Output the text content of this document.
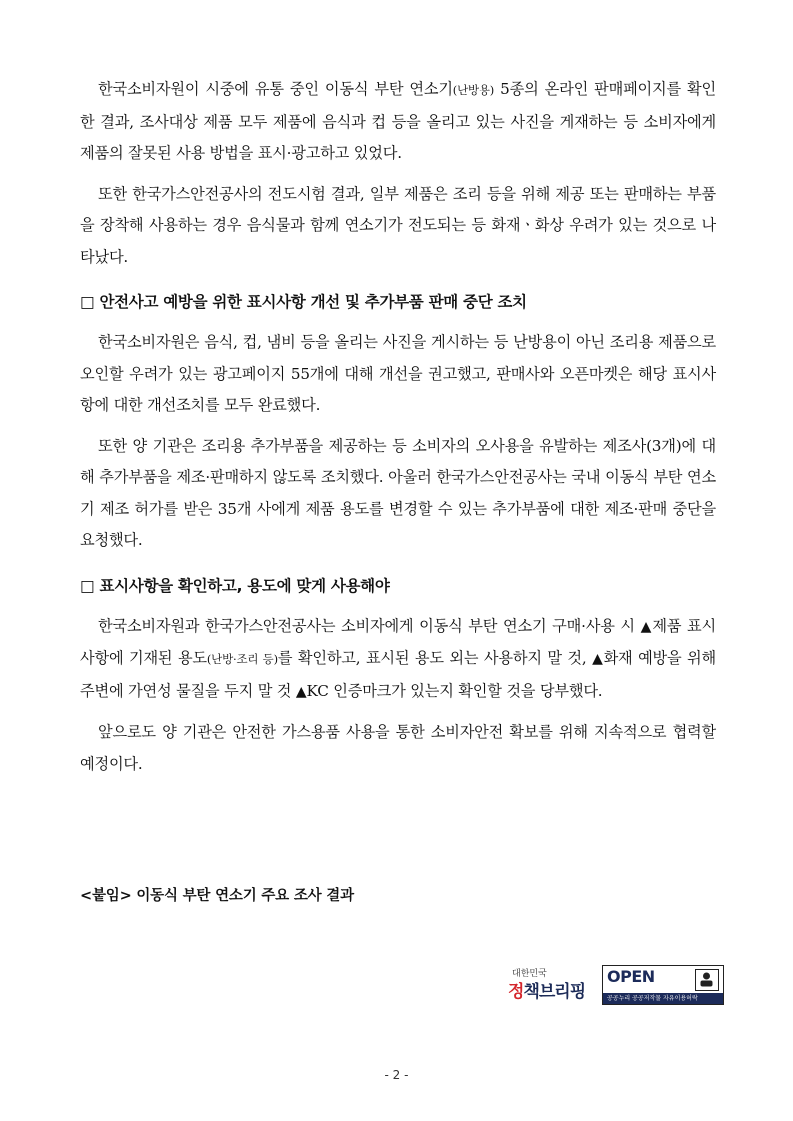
한국소비자원이 시중에 유통 중인 이동식 부탄 연소기(난방용) 5종의 온라인 판매페이지를 확인한 결과, 조사대상 제품 모두 제품에 음식과 컵 등을 올리고 있는 사진을 게재하는 등 소비자에게 제품의 잘못된 사용 방법을 표시·광고하고 있었다.

또한 한국가스안전공사의 전도시험 결과, 일부 제품은 조리 등을 위해 제공 또는 판매하는 부품을 장착해 사용하는 경우 음식물과 함께 연소기가 전도되는 등 화재ㆍ화상 우려가 있는 것으로 나타났다.

□ 안전사고 예방을 위한 표시사항 개선 및 추가부품 판매 중단 조치

한국소비자원은 음식, 컵, 냄비 등을 올리는 사진을 게시하는 등 난방용이 아닌 조리용 제품으로 오인할 우려가 있는 광고페이지 55개에 대해 개선을 권고했고, 판매사와 오픈마켓은 해당 표시사항에 대한 개선조치를 모두 완료했다.

또한 양 기관은 조리용 추가부품을 제공하는 등 소비자의 오사용을 유발하는 제조사(3개)에 대해 추가부품을 제조·판매하지 않도록 조치했다. 아울러 한국가스안전공사는 국내 이동식 부탄 연소기 제조 허가를 받은 35개 사에게 제품 용도를 변경할 수 있는 추가부품에 대한 제조·판매 중단을 요청했다.

□ 표시사항을 확인하고, 용도에 맞게 사용해야

한국소비자원과 한국가스안전공사는 소비자에게 이동식 부탄 연소기 구매·사용 시 ▲제품 표시사항에 기재된 용도(난방·조리 등)를 확인하고, 표시된 용도 외는 사용하지 말 것, ▲화재 예방을 위해 주변에 가연성 물질을 두지 말 것 ▲KC 인증마크가 있는지 확인할 것을 당부했다.

앞으로도 양 기관은 안전한 가스용품 사용을 통한 소비자안전 확보를 위해 지속적으로 협력할 예정이다.

<붙임> 이동식 부탄 연소기 주요 조사 결과
대한민국
정책브리핑
OPEN
공공누리 공공저작물 자유이용허락
- 2 -
